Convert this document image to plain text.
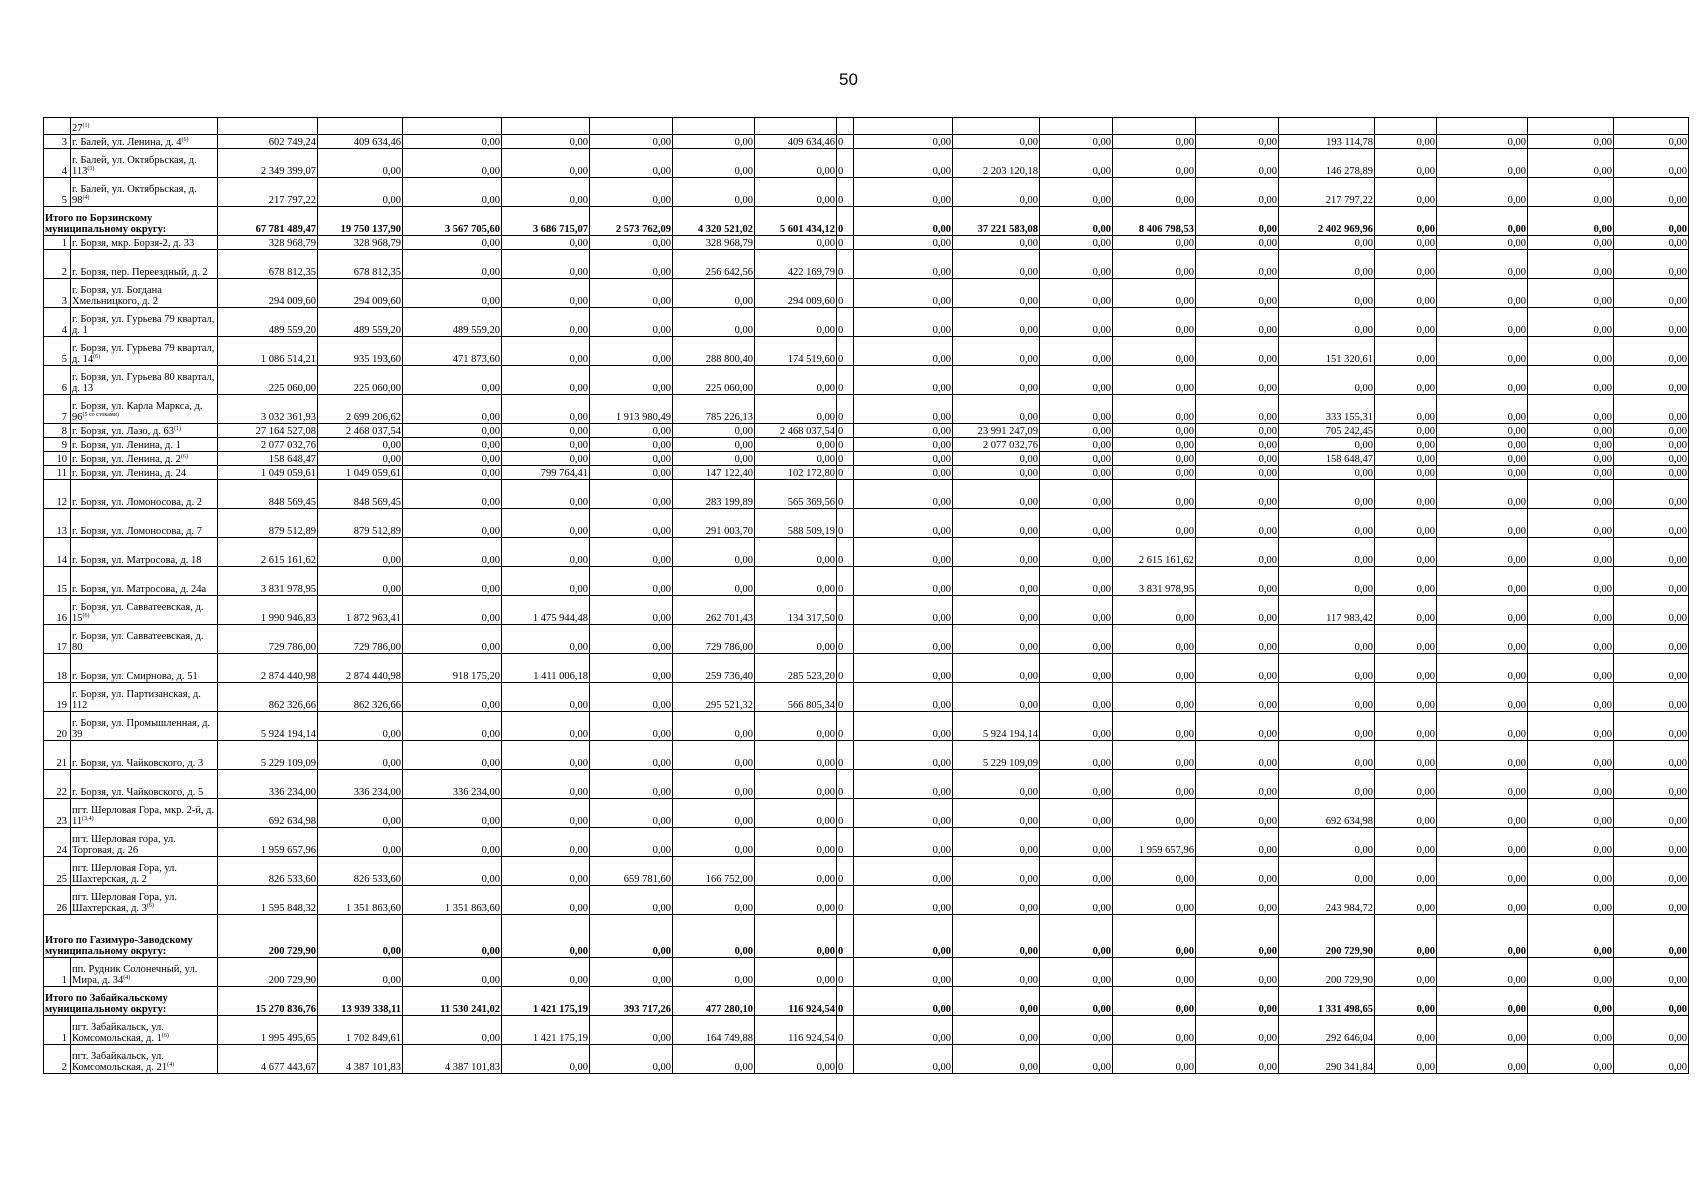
50
	27$^{(1)}$																		
3	г. Балей, ул. Ленина, д. 4$^{(6)}$	602 749,24	409 634,46	0,00	0,00	0,00	0,00	409 634,46	0	0,00	0,00	0,00	0,00	0,00	193 114,78	0,00	0,00	0,00	0,00
4	г. Балей, ул. Октябрьская, д. 113$^{(3)}$	2 349 399,07	0,00	0,00	0,00	0,00	0,00	0,00	0	0,00	2 203 120,18	0,00	0,00	0,00	146 278,89	0,00	0,00	0,00	0,00
5	г. Балей, ул. Октябрьская, д. 98$^{(4)}$	217 797,22	0,00	0,00	0,00	0,00	0,00	0,00	0	0,00	0,00	0,00	0,00	0,00	217 797,22	0,00	0,00	0,00	0,00
Итого по Борзинскому муниципальному округу:		67 781 489,47	19 750 137,90	3 567 705,60	3 686 715,07	2 573 762,09	4 320 521,02	5 601 434,12	0	0,00	37 221 583,08	0,00	8 406 798,53	0,00	2 402 969,96	0,00	0,00	0,00	0,00
1	г. Борзя, мкр. Борзя-2, д. 33	328 968,79	328 968,79	0,00	0,00	0,00	328 968,79	0,00	0	0,00	0,00	0,00	0,00	0,00	0,00	0,00	0,00	0,00	0,00
2	г. Борзя, пер. Переездный, д. 2	678 812,35	678 812,35	0,00	0,00	0,00	256 642,56	422 169,79	0	0,00	0,00	0,00	0,00	0,00	0,00	0,00	0,00	0,00	0,00
3	г. Борзя, ул. Богдана Хмельницкого, д. 2	294 009,60	294 009,60	0,00	0,00	0,00	0,00	294 009,60	0	0,00	0,00	0,00	0,00	0,00	0,00	0,00	0,00	0,00	0,00
4	г. Борзя, ул. Гурьева 79 квартал, д. 1	489 559,20	489 559,20	489 559,20	0,00	0,00	0,00	0,00	0	0,00	0,00	0,00	0,00	0,00	0,00	0,00	0,00	0,00	0,00
5	г. Борзя, ул. Гурьева 79 квартал, д. 14$^{(6)}$	1 086 514,21	935 193,60	471 873,60	0,00	0,00	288 800,40	174 519,60	0	0,00	0,00	0,00	0,00	0,00	151 320,61	0,00	0,00	0,00	0,00
6	г. Борзя, ул. Гурьева 80 квартал, д. 13	225 060,00	225 060,00	0,00	0,00	0,00	225 060,00	0,00	0	0,00	0,00	0,00	0,00	0,00	0,00	0,00	0,00	0,00	0,00
7	г. Борзя, ул. Карла Маркса, д. $96^{(5 со стоками)}$	3 032 361,93	2 699 206,62	0,00	0,00	1 913 980,49	785 226,13	0,00	0	0,00	0,00	0,00	0,00	0,00	333 155,31	0,00	0,00	0,00	0,00
8	г. Борзя, ул. Лазо, д. 63$^{(1)}$	27 164 527,08	2 468 037,54	0,00	0,00	0,00	0,00	2 468 037,54	0	0,00	23 991 247,09	0,00	0,00	0,00	705 242,45	0,00	0,00	0,00	0,00
9	г. Борзя, ул. Ленина, д. 1	2 077 032,76	0,00	0,00	0,00	0,00	0,00	0,00	0	0,00	2 077 032,76	0,00	0,00	0,00	0,00	0,00	0,00	0,00	0,00
10	г. Борзя, ул. Ленина, д. 2$^{(6)}$	158 648,47	0,00	0,00	0,00	0,00	0,00	0,00	0	0,00	0,00	0,00	0,00	0,00	158 648,47	0,00	0,00	0,00	0,00
11	г. Борзя, ул. Ленина, д. 24	1 049 059,61	1 049 059,61	0,00	799 764,41	0,00	147 122,40	102 172,80	0	0,00	0,00	0,00	0,00	0,00	0,00	0,00	0,00	0,00	0,00
12	г. Борзя, ул. Ломоносова, д. 2	848 569,45	848 569,45	0,00	0,00	0,00	283 199,89	565 369,56	0	0,00	0,00	0,00	0,00	0,00	0,00	0,00	0,00	0,00	0,00
13	г. Борзя, ул. Ломоносова, д. 7	879 512,89	879 512,89	0,00	0,00	0,00	291 003,70	588 509,19	0	0,00	0,00	0,00	0,00	0,00	0,00	0,00	0,00	0,00	0,00
14	г. Борзя, ул. Матросова, д. 18	2 615 161,62	0,00	0,00	0,00	0,00	0,00	0,00	0	0,00	0,00	0,00	2 615 161,62	0,00	0,00	0,00	0,00	0,00	0,00
15	г. Борзя, ул. Матросова, д. 24а	3 831 978,95	0,00	0,00	0,00	0,00	0,00	0,00	0	0,00	0,00	0,00	3 831 978,95	0,00	0,00	0,00	0,00	0,00	0,00
16	г. Борзя, ул. Савватеевская, д. 15$^{(6)}$	1 990 946,83	1 872 963,41	0,00	1 475 944,48	0,00	262 701,43	134 317,50	0	0,00	0,00	0,00	0,00	0,00	117 983,42	0,00	0,00	0,00	0,00
17	г. Борзя, ул. Савватеевская, д. 80	729 786,00	729 786,00	0,00	0,00	0,00	729 786,00	0,00	0	0,00	0,00	0,00	0,00	0,00	0,00	0,00	0,00	0,00	0,00
18	г. Борзя, ул. Смирнова, д. 51	2 874 440,98	2 874 440,98	918 175,20	1 411 006,18	0,00	259 736,40	285 523,20	0	0,00	0,00	0,00	0,00	0,00	0,00	0,00	0,00	0,00	0,00
19	г. Борзя, ул. Партизанская, д. 112	862 326,66	862 326,66	0,00	0,00	0,00	295 521,32	566 805,34	0	0,00	0,00	0,00	0,00	0,00	0,00	0,00	0,00	0,00	0,00
20	г. Борзя, ул. Промышленная, д. 39	5 924 194,14	0,00	0,00	0,00	0,00	0,00	0,00	0	0,00	5 924 194,14	0,00	0,00	0,00	0,00	0,00	0,00	0,00	0,00
21	г. Борзя, ул. Чайковского, д. 3	5 229 109,09	0,00	0,00	0,00	0,00	0,00	0,00	0	0,00	5 229 109,09	0,00	0,00	0,00	0,00	0,00	0,00	0,00	0,00
22	г. Борзя, ул. Чайковского, д. 5	336 234,00	336 234,00	336 234,00	0,00	0,00	0,00	0,00	0	0,00	0,00	0,00	0,00	0,00	0,00	0,00	0,00	0,00	0,00
23	пгт. Шерловая Гора, мкр. 2-й, д. 11$^{(3,4)}$	692 634,98	0,00	0,00	0,00	0,00	0,00	0,00	0	0,00	0,00	0,00	0,00	0,00	692 634,98	0,00	0,00	0,00	0,00
24	пгт. Шерловая гора, ул. Торговая, д. 26	1 959 657,96	0,00	0,00	0,00	0,00	0,00	0,00	0	0,00	0,00	0,00	1 959 657,96	0,00	0,00	0,00	0,00	0,00	0,00
25	пгт. Шерловая Гора, ул. Шахтерская, д. 2	826 533,60	826 533,60	0,00	0,00	659 781,60	166 752,00	0,00	0	0,00	0,00	0,00	0,00	0,00	0,00	0,00	0,00	0,00	0,00
26	пгт. Шерловая Гора, ул. Шахтерская, д. 3$^{(6)}$	1 595 848,32	1 351 863,60	1 351 863,60	0,00	0,00	0,00	0,00	0	0,00	0,00	0,00	0,00	0,00	243 984,72	0,00	0,00	0,00	0,00
Итого по Газимуро-Заводскому муниципальному округу:		200 729,90	0,00	0,00	0,00	0,00	0,00	0,00	0	0,00	0,00	0,00	0,00	0,00	200 729,90	0,00	0,00	0,00	0,00
1	пп. Рудник Солонечный, ул. Мира, д. 34$^{(4)}$	200 729,90	0,00	0,00	0,00	0,00	0,00	0,00	0	0,00	0,00	0,00	0,00	0,00	200 729,90	0,00	0,00	0,00	0,00
Итого по Забайкальскому муниципальному округу:		15 270 836,76	13 939 338,11	11 530 241,02	1 421 175,19	393 717,26	477 280,10	116 924,54	0	0,00	0,00	0,00	0,00	0,00	1 331 498,65	0,00	0,00	0,00	0,00
1	пгт. Забайкальск, ул. Комсомольская, д. 1$^{(6)}$	1 995 495,65	1 702 849,61	0,00	1 421 175,19	0,00	164 749,88	116 924,54	0	0,00	0,00	0,00	0,00	0,00	292 646,04	0,00	0,00	0,00	0,00
2	пгт. Забайкальск, ул. Комсомольская, д. 21$^{(4)}$	4 677 443,67	4 387 101,83	4 387 101,83	0,00	0,00	0,00	0,00	0	0,00	0,00	0,00	0,00	0,00	290 341,84	0,00	0,00	0,00	0,00
